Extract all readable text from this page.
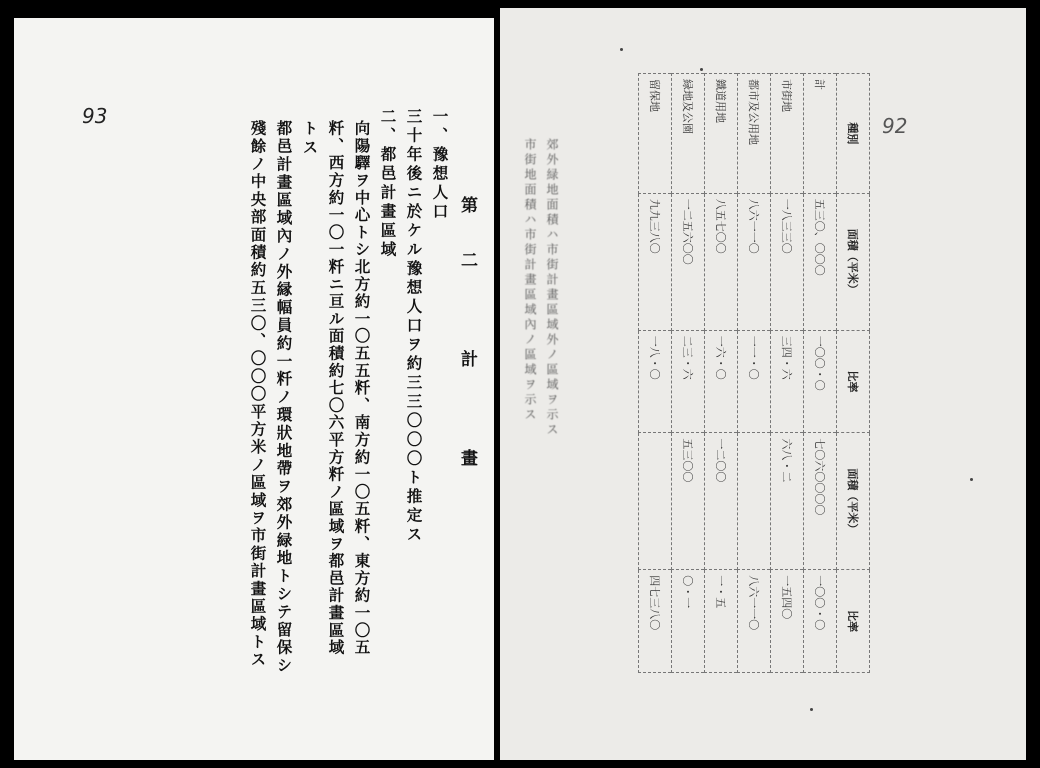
93
第二 計 畫
一、豫想人口
三十年後ニ於ケル豫想人口ヲ約三三〇〇〇ト推定ス
二、都邑計畫區域
向陽驛ヲ中心トシ北方約一〇五五粁、南方約一〇五粁、東方約一〇五
粁、西方約一〇一粁ニ亘ル面積約七〇六平方粁ノ區域ヲ都邑計畫區域
トス
都邑計畫區域內ノ外縁幅員約一粁ノ環狀地帶ヲ郊外緑地トシテ留保シ
殘餘ノ中央部面積約五三〇、〇〇〇平方米ノ區域ヲ市街計畫區域トス	92
種別	面積（平米）	比率	面積（平米）	比率
計	五三〇、〇〇〇	一〇〇・〇	七〇六〇〇〇〇	一〇〇・〇
市街地	一八三三〇	三四・六	六八・二	一五四〇
都市及公用地	八六一一〇	一一・〇		八六一一〇
鐵道用地	八五七〇〇	一六・〇	一二〇〇	一・五
緑地及公園	一二五六〇〇	二三・六	五三〇〇	〇・一
留保地	九九三八〇	一八・〇		四七三八〇
市街地面積ハ市街計畫區域內ノ區域ヲ示ス 郊外緑地面積ハ市街計畫區域外ノ區域ヲ示ス
